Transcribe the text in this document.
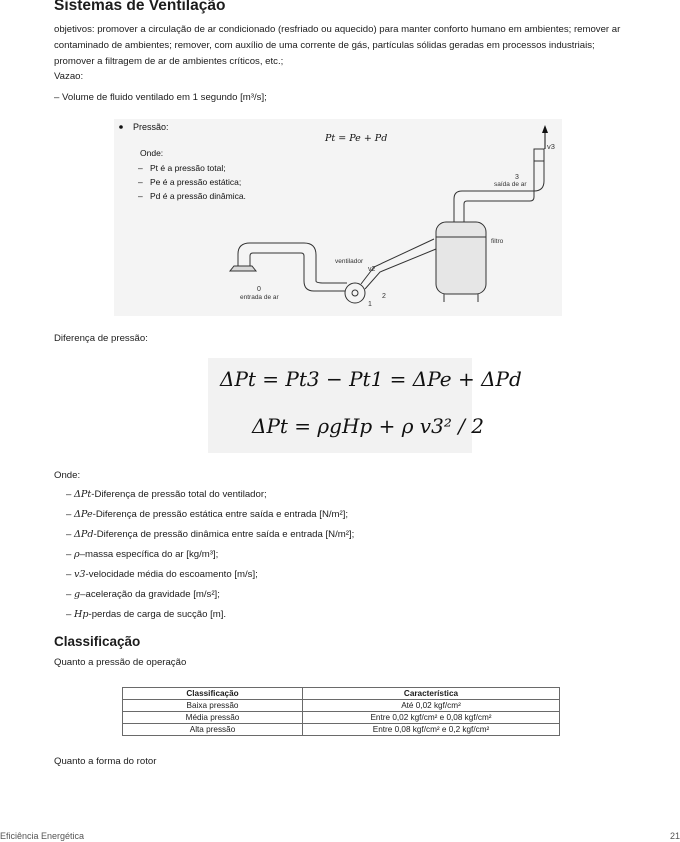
Sistemas de Ventilação
objetivos: promover a circulação de ar condicionado (resfriado ou aquecido) para manter conforto humano em ambientes; remover ar contaminado de ambientes; remover, com auxílio de uma corrente de gás, partículas sólidas geradas em processos industriais; promover a filtragem de ar de ambientes críticos, etc.;
Vazao:
– Volume de fluido ventilado em 1 segundo [m³/s];
Pressão:
Pt = Pe + Pd
Onde:
– Pt é a pressão total;
– Pe é a pressão estática;
– Pd é a pressão dinâmica.
v3
3
saída de ar
filtro
ventilador
v2
0
entrada de ar	2
1
Diferença de pressão:
ΔPt = Pt3 − Pt1 = ΔPe + ΔPd
ΔPt = ρgHp + ρ v3² / 2
Onde:
– ΔPt-Diferença de pressão total do ventilador;
– ΔPe-Diferença de pressão estática entre saída e entrada [N/m²];
– ΔPd-Diferença de pressão dinâmica entre saída e entrada [N/m²];
– ρ–massa específica do ar [kg/m³];
– v3-velocidade média do escoamento [m/s];
– g–aceleração da gravidade [m/s²];
– Hp-perdas de carga de sucção [m].
Classificação
Quanto a pressão de operação
Classificação	Característica
Baixa pressão	Até 0,02 kgf/cm²
Média pressão	Entre 0,02 kgf/cm² e 0,08 kgf/cm²
Alta pressão	Entre 0,08 kgf/cm² e 0,2 kgf/cm²
Quanto a forma do rotor
Eficiência Energética	21
